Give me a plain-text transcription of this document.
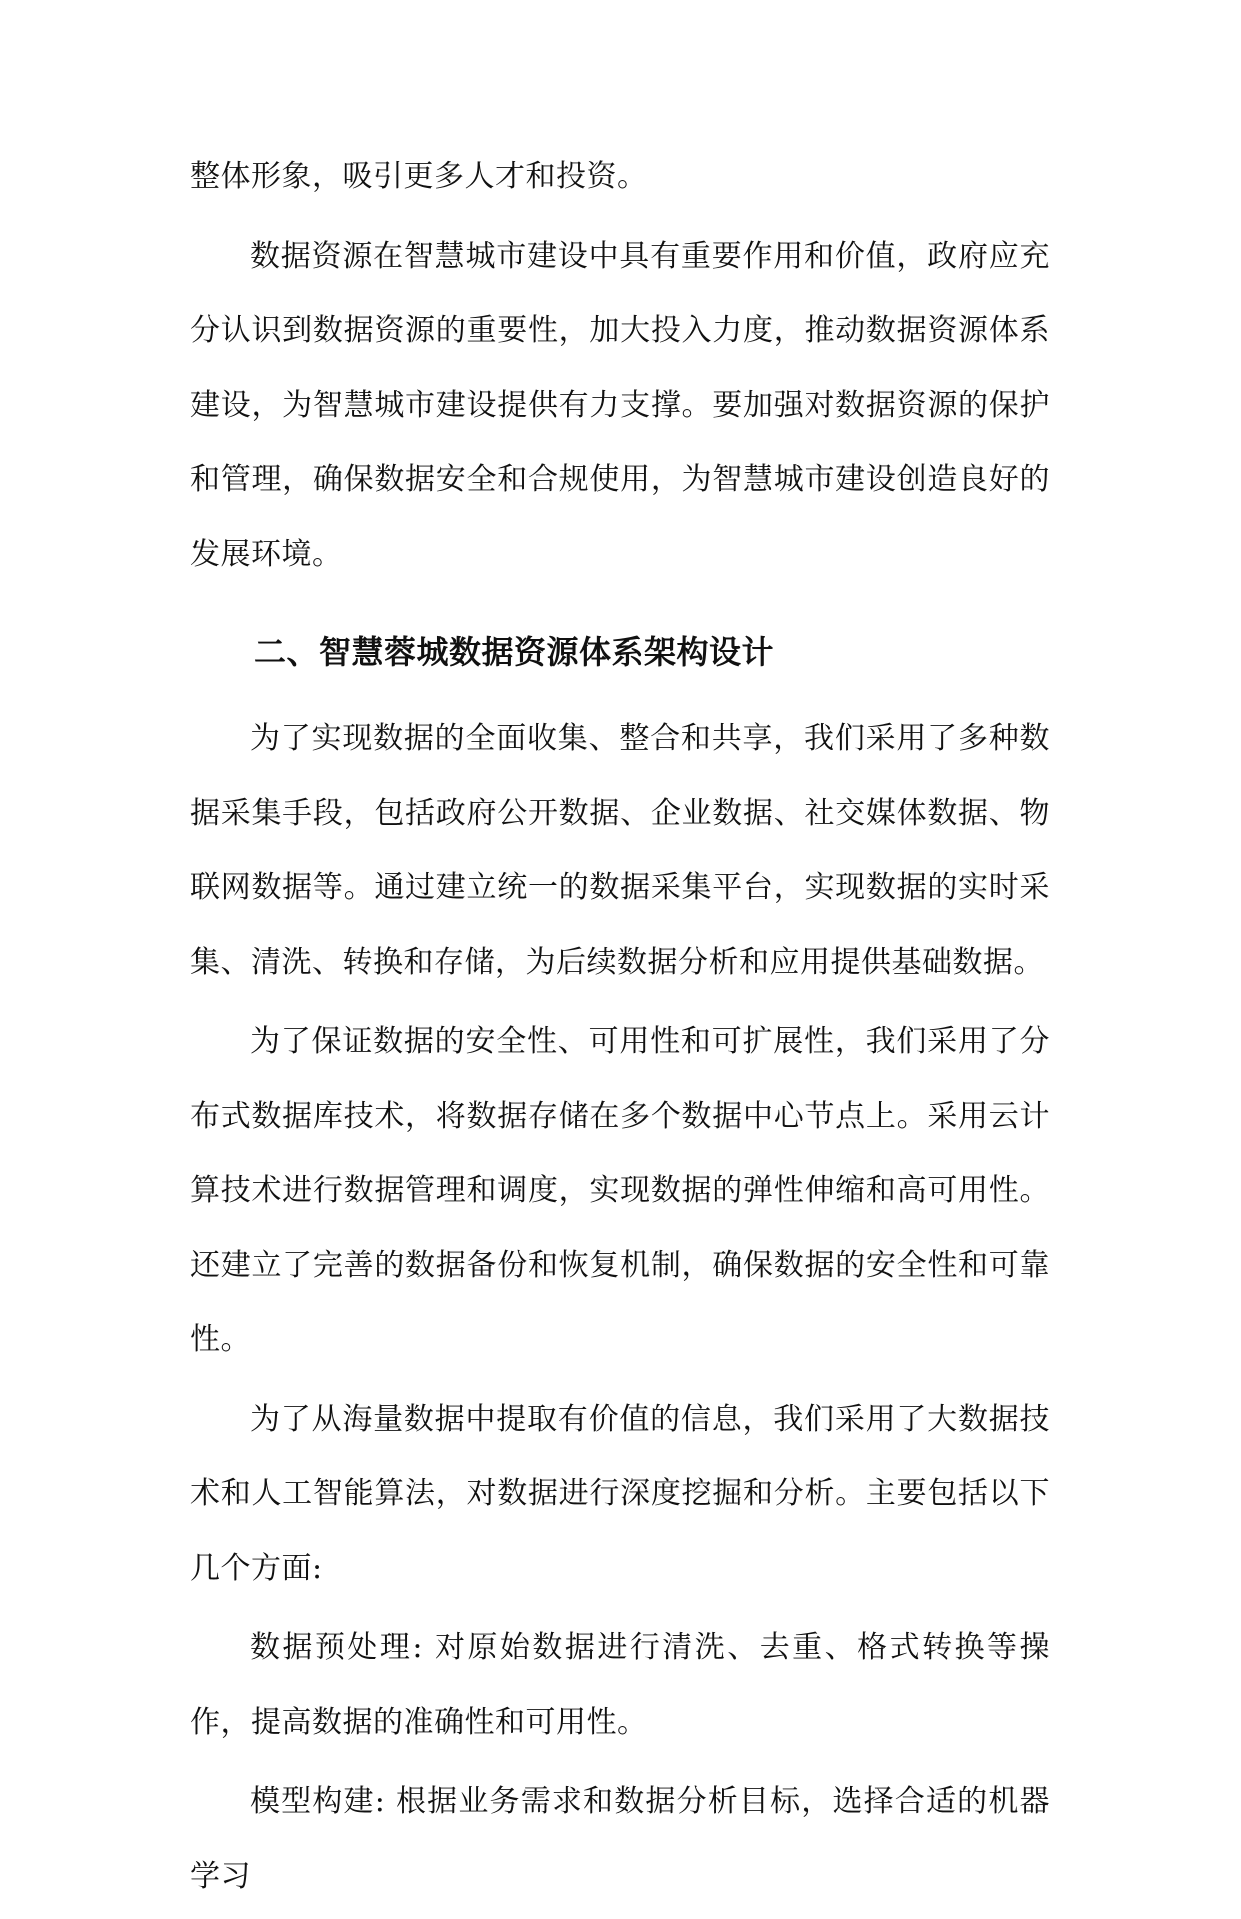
整体形象，吸引更多人才和投资。

数据资源在智慧城市建设中具有重要作用和价值，政府应充分认识到数据资源的重要性，加大投入力度，推动数据资源体系建设，为智慧城市建设提供有力支撑。要加强对数据资源的保护和管理，确保数据安全和合规使用，为智慧城市建设创造良好的发展环境。

二、智慧蓉城数据资源体系架构设计

为了实现数据的全面收集、整合和共享，我们采用了多种数据采集手段，包括政府公开数据、企业数据、社交媒体数据、物联网数据等。通过建立统一的数据采集平台，实现数据的实时采集、清洗、转换和存储，为后续数据分析和应用提供基础数据。

为了保证数据的安全性、可用性和可扩展性，我们采用了分布式数据库技术，将数据存储在多个数据中心节点上。采用云计算技术进行数据管理和调度，实现数据的弹性伸缩和高可用性。还建立了完善的数据备份和恢复机制，确保数据的安全性和可靠性。

为了从海量数据中提取有价值的信息，我们采用了大数据技术和人工智能算法，对数据进行深度挖掘和分析。主要包括以下几个方面:

数据预处理: 对原始数据进行清洗、去重、格式转换等操作，提高数据的准确性和可用性。

模型构建: 根据业务需求和数据分析目标，选择合适的机器学习
